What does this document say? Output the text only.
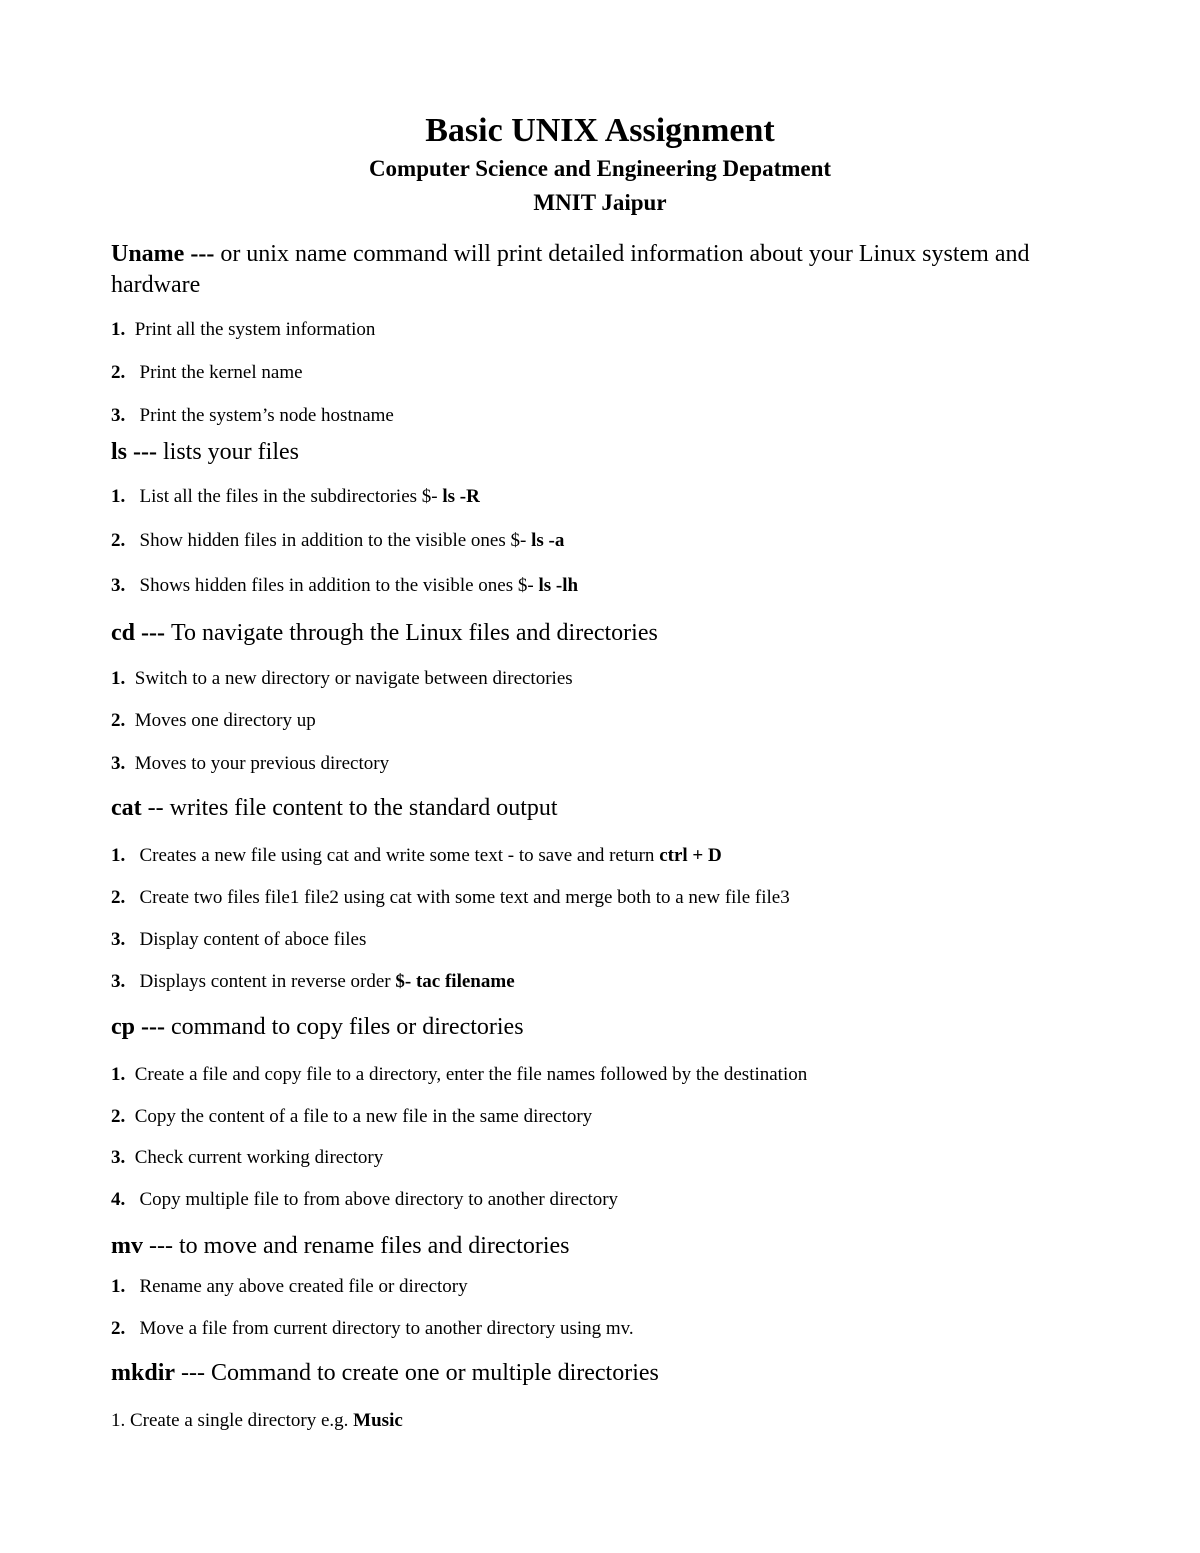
Basic UNIX Assignment
Computer Science and Engineering Depatment
MNIT Jaipur
Uname --- or unix name command will print detailed information about your Linux system and hardware
1. Print all the system information
2.   Print the kernel name
3. Print the system’s node hostname
ls --- lists your files
1. List all the files in the subdirectories $- ls -R
2. Show hidden files in addition to the visible ones $- ls -a
3. Shows hidden files in addition to the visible ones $- ls -lh
cd --- To navigate through the Linux files and directories
1. Switch to a new directory or navigate between directories
2. Moves one directory up
3. Moves to your previous directory
cat -- writes file content to the standard output
1. Creates a new file using cat and write some text - to save and return ctrl + D
2. Create two files file1 file2 using cat with some text and merge both to a new file file3
3.   Display content of aboce files
3. Displays content in reverse order $- tac filename
cp --- command to copy files or directories
1. Create a file and copy file to a directory, enter the file names followed by the destination
2. Copy the content of a file to a new file in the same directory
3. Check current working directory
4. Copy multiple file to from above directory to another directory
mv --- to move and rename files and directories
1. Rename any above created file or directory
2. Move a file from current directory to another directory using mv.
mkdir --- Command to create one or multiple directories
1. Create a single directory e.g. Music
